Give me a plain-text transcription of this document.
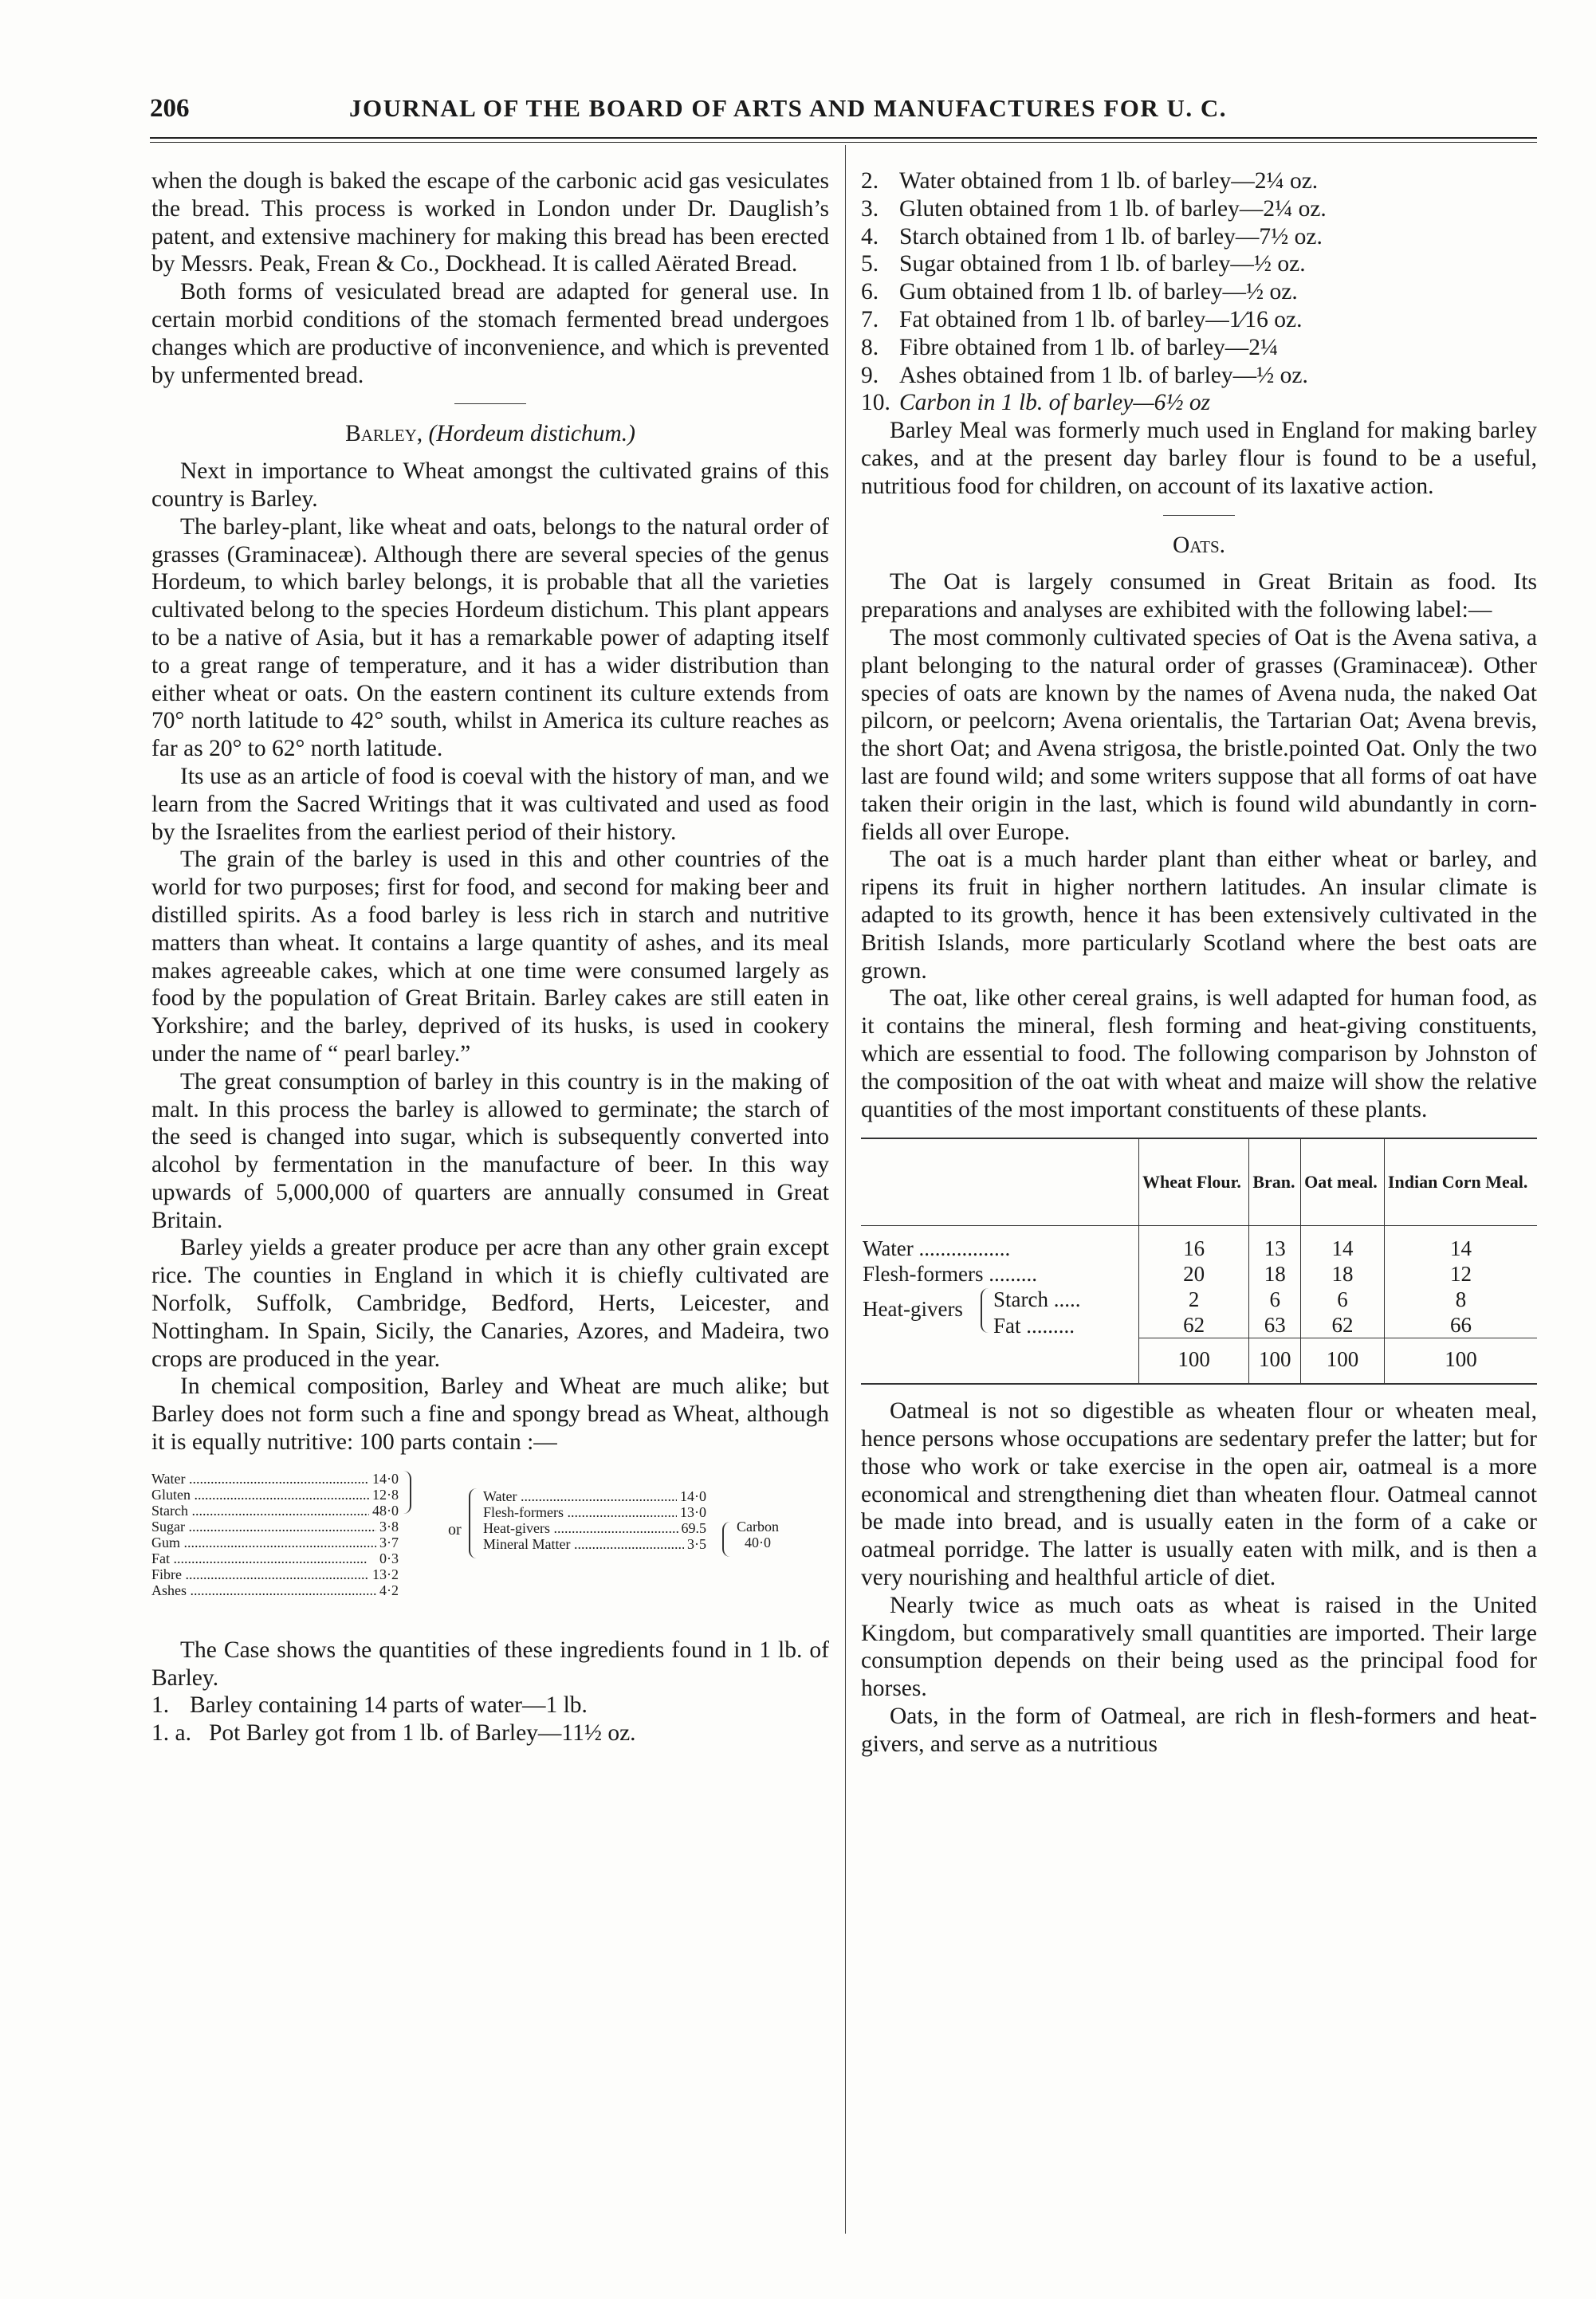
206	JOURNAL OF THE BOARD OF ARTS AND MANUFACTURES FOR U. C.

when the dough is baked the escape of the carbonic acid gas vesiculates the bread. This process is worked in London under Dr. Dauglish’s patent, and extensive machinery for making this bread has been erected by Messrs. Peak, Frean & Co., Dockhead. It is called Aërated Bread.

Both forms of vesiculated bread are adapted for general use. In certain morbid conditions of the stomach fermented bread undergoes changes which are productive of inconvenience, and which is prevented by unfermented bread.

Barley, (Hordeum distichum.)

Next in importance to Wheat amongst the cultivated grains of this country is Barley.

The barley-plant, like wheat and oats, belongs to the natural order of grasses (Graminaceæ). Although there are several species of the genus Hordeum, to which barley belongs, it is probable that all the varieties cultivated belong to the species Hordeum distichum. This plant appears to be a native of Asia, but it has a remarkable power of adapting itself to a great range of temperature, and it has a wider distribution than either wheat or oats. On the eastern continent its culture extends from 70° north latitude to 42° south, whilst in America its culture reaches as far as 20° to 62° north latitude.

Its use as an article of food is coeval with the history of man, and we learn from the Sacred Writings that it was cultivated and used as food by the Israelites from the earliest period of their history.

The grain of the barley is used in this and other countries of the world for two purposes; first for food, and second for making beer and distilled spirits. As a food barley is less rich in starch and nutritive matters than wheat. It contains a large quantity of ashes, and its meal makes agreeable cakes, which at one time were consumed largely as food by the population of Great Britain. Barley cakes are still eaten in Yorkshire; and the barley, deprived of its husks, is used in cookery under the name of “ pearl barley.”

The great consumption of barley in this country is in the making of malt. In this process the barley is allowed to germinate; the starch of the seed is changed into sugar, which is subsequently converted into alcohol by fermentation in the manufacture of beer. In this way upwards of 5,000,000 of quarters are annually consumed in Great Britain.

Barley yields a greater produce per acre than any other grain except rice. The counties in England in which it is chiefly cultivated are Norfolk, Suffolk, Cambridge, Bedford, Herts, Leicester, and Nottingham. In Spain, Sicily, the Canaries, Azores, and Madeira, two crops are produced in the year.

In chemical composition, Barley and Wheat are much alike; but Barley does not form such a fine and spongy bread as Wheat, although it is equally nutritive: 100 parts contain :—

Water .....	14·0
Gluten .....	12·8
Starch .....	48·0
Sugar .....	3·8
Gum .....	3·7
Fat .....	0·3
Fibre .....	13·2
Ashes .....	4·2
or
Water .....	14·0
Flesh-formers .....	13·0
Heat-givers .....	69.5
Mineral Matter .....	3·5
Carbon
40·0

The Case shows the quantities of these ingredients found in 1 lb. of Barley.

1. Barley containing 14 parts of water—1 lb.
1. a. Pot Barley got from 1 lb. of Barley—11½ oz.
2. Water obtained from 1 lb. of barley—2¼ oz.
3. Gluten obtained from 1 lb. of barley—2¼ oz.
4. Starch obtained from 1 lb. of barley—7½ oz.
5. Sugar obtained from 1 lb. of barley—½ oz.
6. Gum obtained from 1 lb. of barley—½ oz.
7. Fat obtained from 1 lb. of barley—1⁄16 oz.
8. Fibre obtained from 1 lb. of barley—2¼
9. Ashes obtained from 1 lb. of barley—½ oz.
10. Carbon in 1 lb. of barley—6½ oz

Barley Meal was formerly much used in England for making barley cakes, and at the present day barley flour is found to be a useful, nutritious food for children, on account of its laxative action.

Oats.

The Oat is largely consumed in Great Britain as food. Its preparations and analyses are exhibited with the following label:—

The most commonly cultivated species of Oat is the Avena sativa, a plant belonging to the natural order of grasses (Graminaceæ). Other species of oats are known by the names of Avena nuda, the naked Oat pilcorn, or peelcorn; Avena orientalis, the Tartarian Oat; Avena brevis, the short Oat; and Avena strigosa, the bristle.pointed Oat. Only the two last are found wild; and some writers suppose that all forms of oat have taken their origin in the last, which is found wild abundantly in corn-fields all over Europe.

The oat is a much harder plant than either wheat or barley, and ripens its fruit in higher northern latitudes. An insular climate is adapted to its growth, hence it has been extensively cultivated in the British Islands, more particularly Scotland where the best oats are grown.

The oat, like other cereal grains, is well adapted for human food, as it contains the mineral, flesh forming and heat-giving constituents, which are essential to food. The following comparison by Johnston of the composition of the oat with wheat and maize will show the relative quantities of the most important constituents of these plants.

	Wheat Flour.	Bran.	Oat meal.	Indian Corn Meal.
Water .................	16	13	14	14
Flesh-formers .........	20	18	18	12

Heat-givers Starch .....	2	6	6	8

Fat .........	62	63	62	66
	100	100	100	100

Oatmeal is not so digestible as wheaten flour or wheaten meal, hence persons whose occupations are sedentary prefer the latter; but for those who work or take exercise in the open air, oatmeal is a more economical and strengthening diet than wheaten flour. Oatmeal cannot be made into bread, and is usually eaten in the form of a cake or oatmeal porridge. The latter is usually eaten with milk, and is then a very nourishing and healthful article of diet.

Nearly twice as much oats as wheat is raised in the United Kingdom, but comparatively small quantities are imported. Their large consumption depends on their being used as the principal food for horses.

Oats, in the form of Oatmeal, are rich in flesh-formers and heat-givers, and serve as a nutritious
